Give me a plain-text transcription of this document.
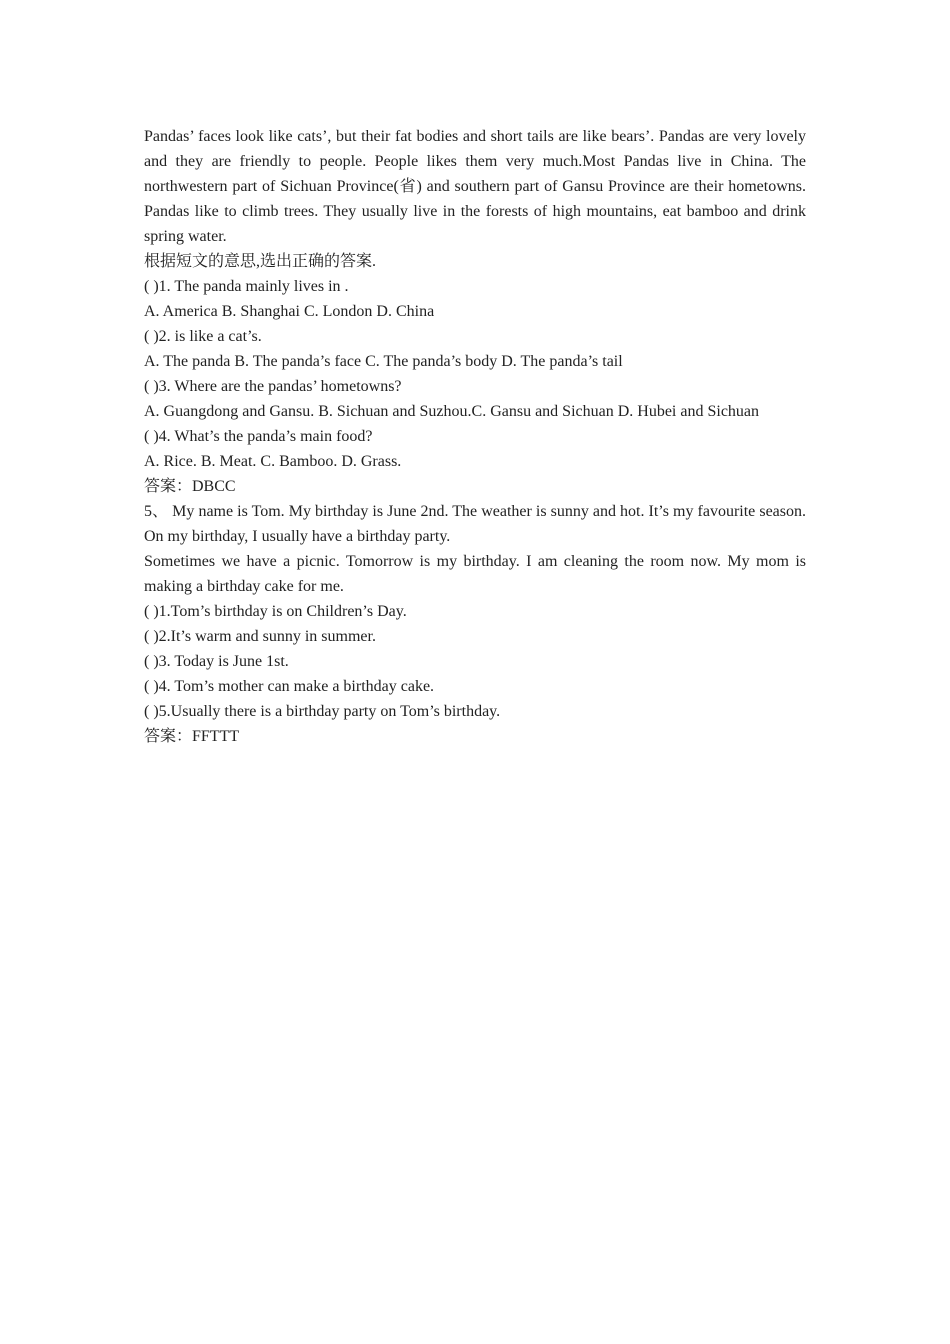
Pandas’ faces look like cats’, but their fat bodies and short tails are like bears’. Pandas are very lovely and they are friendly to people. People likes them very much.Most Pandas live in China. The northwestern part of Sichuan Province(省) and southern part of Gansu Province are their hometowns. Pandas like to climb trees. They usually live in the forests of high mountains, eat bamboo and drink spring water.

根据短文的意思,选出正确的答案.

( )1. The panda mainly lives in .

A. America B. Shanghai C. London D. China

( )2. is like a cat’s.

A. The panda B. The panda’s face C. The panda’s body D. The panda’s tail

( )3. Where are the pandas’ hometowns?

A. Guangdong and Gansu. B. Sichuan and Suzhou.C. Gansu and Sichuan D. Hubei and Sichuan

( )4. What’s the panda’s main food?

A. Rice. B. Meat. C. Bamboo. D. Grass.

答案：DBCC

5、 My name is Tom. My birthday is June 2nd. The weather is sunny and hot. It’s my favourite season. On my birthday, I usually have a birthday party.

Sometimes we have a picnic. Tomorrow is my birthday. I am cleaning the room now. My mom is making a birthday cake for me.

( )1.Tom’s birthday is on Children’s Day.

( )2.It’s warm and sunny in summer.

( )3. Today is June 1st.

( )4. Tom’s mother can make a birthday cake.

( )5.Usually there is a birthday party on Tom’s birthday.

答案：FFTTT
